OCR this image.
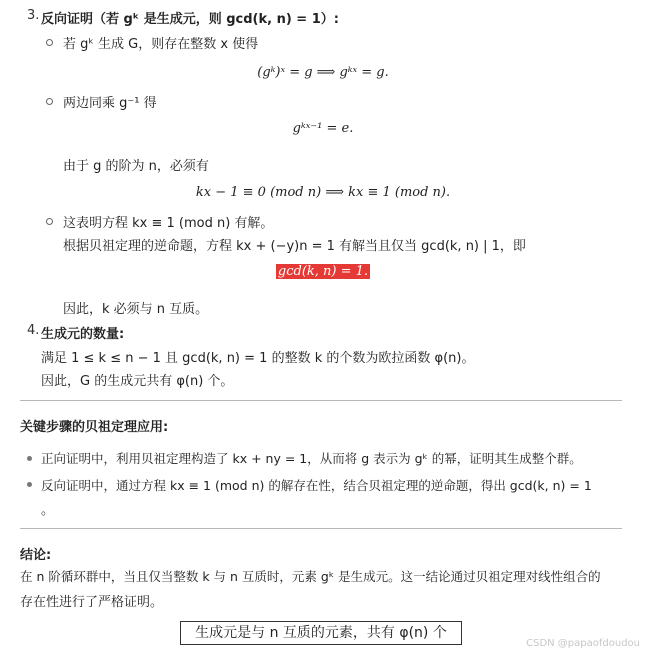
3. 反向证明（若 gᵏ 是生成元，则 gcd(k, n) = 1）:
若 gᵏ 生成 G，则存在整数 x 使得
(gᵏ)ˣ = g ⟹ gᵏˣ = g.
两边同乘 g⁻¹ 得
gᵏˣ⁻¹ = e.
由于 g 的阶为 n，必须有
kx − 1 ≡ 0 (mod n) ⟹ kx ≡ 1 (mod n).
这表明方程 kx ≡ 1 (mod n) 有解。
根据贝祖定理的逆命题，方程 kx + (−y)n = 1 有解当且仅当 gcd(k, n) | 1，即
gcd(k, n) = 1.
因此，k 必须与 n 互质。
4. 生成元的数量:
满足 1 ≤ k ≤ n − 1 且 gcd(k, n) = 1 的整数 k 的个数为欧拉函数 φ(n)。
因此，G 的生成元共有 φ(n) 个。
关键步骤的贝祖定理应用:
正向证明中，利用贝祖定理构造了 kx + ny = 1，从而将 g 表示为 gᵏ 的幂，证明其生成整个群。
反向证明中，通过方程 kx ≡ 1 (mod n) 的解存在性，结合贝祖定理的逆命题，得出 gcd(k, n) = 1
。
结论:
在 n 阶循环群中，当且仅当整数 k 与 n 互质时，元素 gᵏ 是生成元。这一结论通过贝祖定理对线性组合的
存在性进行了严格证明。
生成元是与 n 互质的元素，共有 φ(n) 个
CSDN @papaofdoudou
